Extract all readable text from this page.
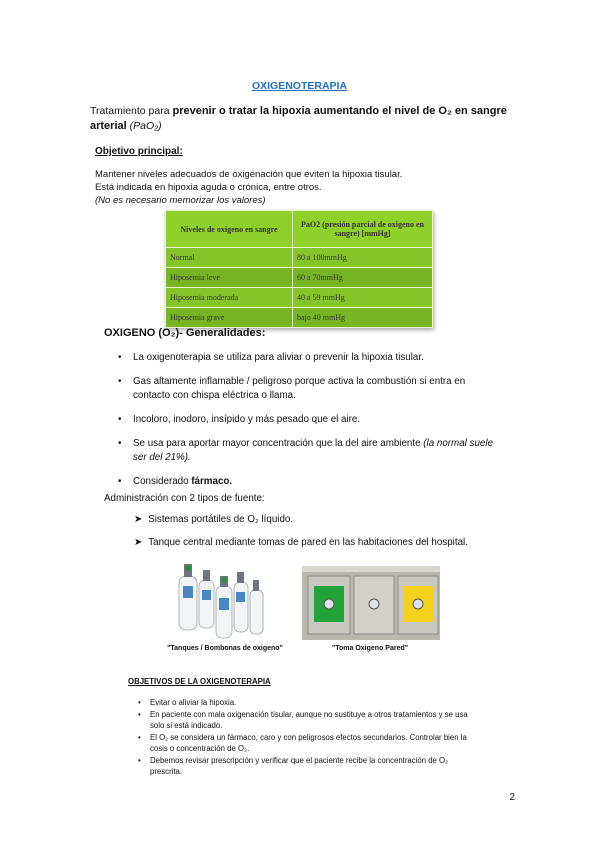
OXIGENOTERAPIA
Tratamiento para prevenir o tratar la hipoxia aumentando el nivel de O₂ en sangre arterial (PaO₂)
Objetivo principal:
Mantener niveles adecuados de oxigenación que eviten la hipoxia tisular.
Está indicada en hipoxia aguda o crónica, entre otros.
(No es necesario memorizar los valores)
Niveles de oxigeno en sangre	PaO2 (presión parcial de oxigeno en sangre) [mmHg]
Normal	80 a 100mmHg
Hiposemia leve	60 a 70mmHg
Hiposemia moderada	40 a 59 mmHg
Hiposemia grave	bajo 40 mmHg
OXIGENO (O₂)- Generalidades:
• La oxigenoterapia se utiliza para aliviar o prevenir la hipoxia tisular.
• Gas altamente inflamable / peligroso porque activa la combustión si entra en contacto con chispa eléctrica o llama.
• Incoloro, inodoro, insípido y más pesado que el aire.
• Se usa para aportar mayor concentración que la del aire ambiente (la normal suele ser del 21%).
• Considerado fármaco.
Administración con 2 tipos de fuente:
➤ Sistemas portátiles de O₂ líquido.
➤ Tanque central mediante tomas de pared en las habitaciones del hospital.
"Tanques / Bombonas de oxigeno"	"Toma Oxigeno Pared"
OBJETIVOS DE LA OXIGENOTERAPIA
• Evitar o aliviar la hipoxia.
• En paciente con mala oxigenación tisular, aunque no sustituye a otros tratamientos y se usa solo si está indicado.
• El O₂ se considera un fármaco, caro y con peligrosos efectos secundarios. Controlar bien la cosis o concentración de O₂.
• Debemos revisar prescripción y verificar que el paciente recibe la concentración de O₂ prescrita.
2
